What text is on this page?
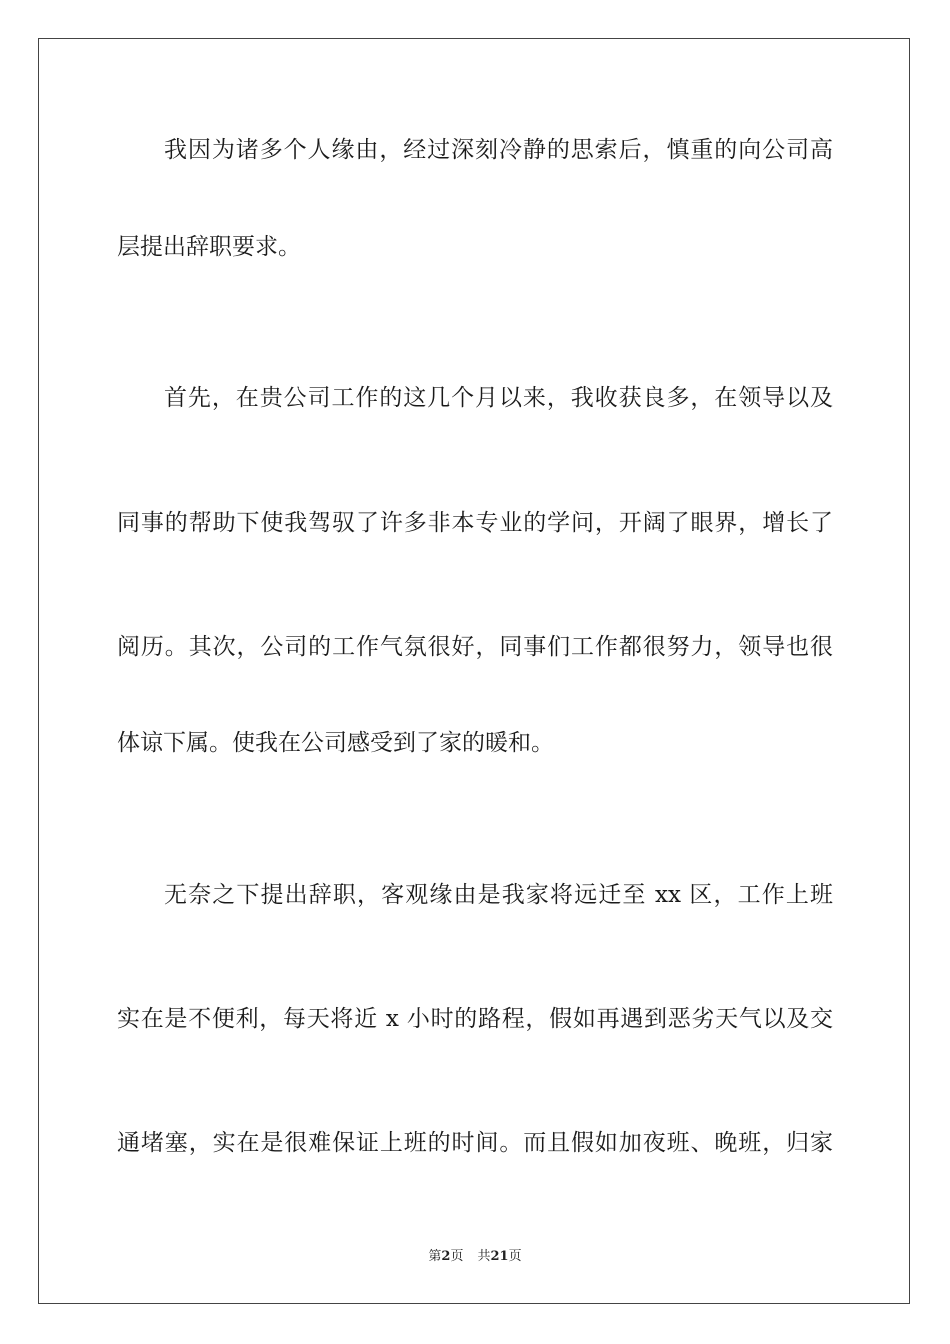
我因为诸多个人缘由，经过深刻冷静的思索后，慎重的向公司高
层提出辞职要求。
首先，在贵公司工作的这几个月以来，我收获良多，在领导以及
同事的帮助下使我驾驭了许多非本专业的学问，开阔了眼界，增长了
阅历。其次，公司的工作气氛很好，同事们工作都很努力，领导也很
体谅下属。使我在公司感受到了家的暖和。
无奈之下提出辞职，客观缘由是我家将远迁至 xx 区，工作上班
实在是不便利，每天将近 x 小时的路程，假如再遇到恶劣天气以及交
通堵塞，实在是很难保证上班的时间。而且假如加夜班、晚班，归家
第2页 共21页
